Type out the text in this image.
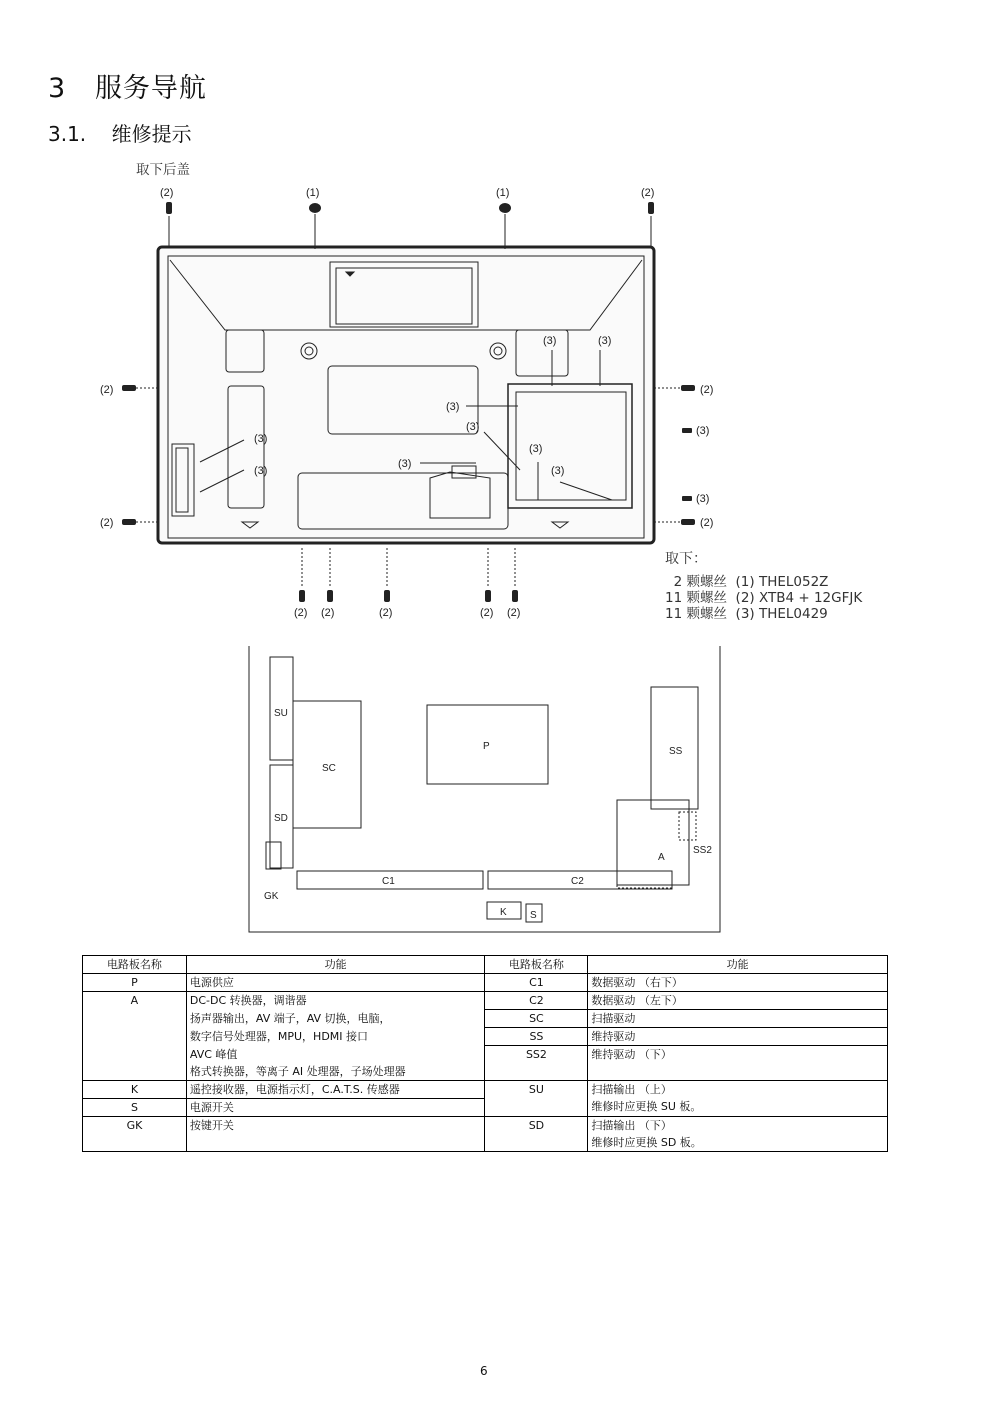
3 服务导航
3.1. 维修提示
取下后盖
(2)	(1)	(1)	(2)
(2)
(2)
(2)
(2)
(3)
(3)
(3)
(3)
(3)
(3)
(3)	(3)
(3)
(3)
(3)
(2) (2)	(2)	(2) (2)
取下：
2 颗螺丝  (1) THEL052Z
11 颗螺丝  (2) XTB4 + 12GFJK
11 颗螺丝  (3) THEL0429
SU
SC
SD
GK
P	SS
SS2
A
C1	C2
K S
电路板名称	功能	电路板名称	功能
P	电源供应	C1	数据驱动 （右下）
A	DC-DC 转换器，调谐器	C2	数据驱动 （左下）
	扬声器输出，AV 端子，AV 切换，电脑，	SC	扫描驱动
	数字信号处理器，MPU，HDMI 接口	SS	维持驱动
	AVC 峰值	SS2	维持驱动 （下）
	格式转换器，等离子 AI 处理器，子场处理器		
K	遥控接收器，电源指示灯，C.A.T.S. 传感器	SU	扫描输出 （上）
维修时应更换 SU 板。

S	电源开关		
GK	按键开关	SD	扫描输出 （下）
维修时应更换 SD 板。
6
